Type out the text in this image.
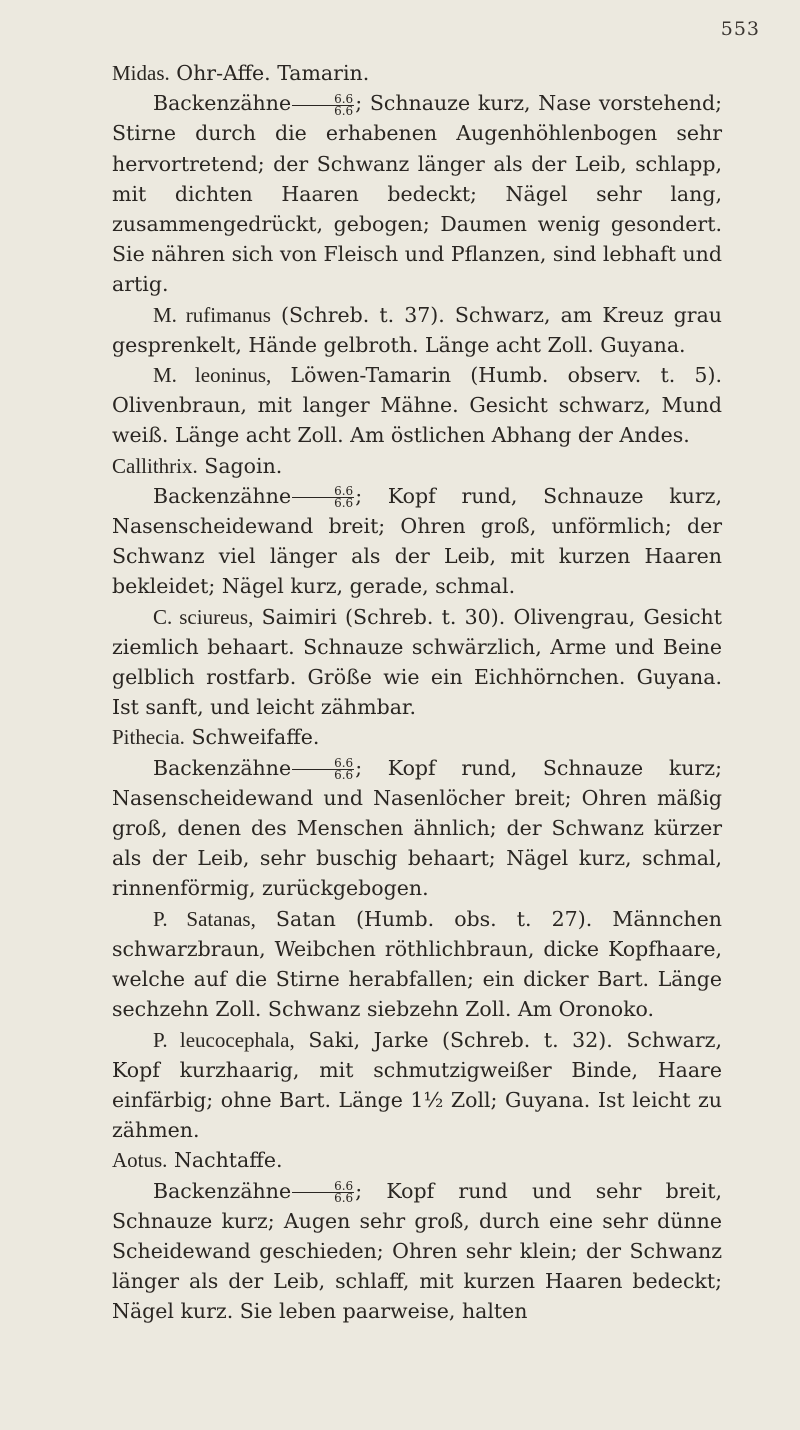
553

Midas. Ohr‑Affe. Tamarin.

Backenzähne $\frac{6.6}{6.6}$ ; Schnauze kurz, Nase vorstehend; Stirne durch die erhabenen Augenhöhlenbogen sehr hervortretend; der Schwanz länger als der Leib, schlapp, mit dichten Haaren bedeckt; Nägel sehr lang, zusammengedrückt, gebogen; Daumen wenig gesondert. Sie nähren sich von Fleisch und Pflanzen, sind lebhaft und artig.

M. rufimanus (Schreb. t. 37). Schwarz, am Kreuz grau gesprenkelt, Hände gelbroth. Länge acht Zoll. Guyana.

M. leoninus, Löwen-Tamarin (Humb. observ. t. 5). Olivenbraun, mit langer Mähne. Gesicht schwarz, Mund weiß. Länge acht Zoll. Am östlichen Abhang der Andes.

Callithrix. Sagoin.

Backenzähne $\frac{6.6}{6.6}$ ; Kopf rund, Schnauze kurz, Nasenscheidewand breit; Ohren groß, unförmlich; der Schwanz viel länger als der Leib, mit kurzen Haaren bekleidet; Nägel kurz, gerade, schmal.

C. sciureus, Saimiri (Schreb. t. 30). Olivengrau, Gesicht ziemlich behaart. Schnauze schwärzlich, Arme und Beine gelblich rostfarb. Größe wie ein Eichhörnchen. Guyana. Ist sanft, und leicht zähmbar.

Pithecia. Schweifaffe.

Backenzähne $\frac{6.6}{6.6}$ ; Kopf rund, Schnauze kurz; Nasenscheidewand und Nasenlöcher breit; Ohren mäßig groß, denen des Menschen ähnlich; der Schwanz kürzer als der Leib, sehr buschig behaart; Nägel kurz, schmal, rinnenförmig, zurückgebogen.

P. Satanas, Satan (Humb. obs. t. 27). Männchen schwarzbraun, Weibchen röthlichbraun, dicke Kopfhaare, welche auf die Stirne herabfallen; ein dicker Bart. Länge sechzehn Zoll. Schwanz siebzehn Zoll. Am Oronoko.

P. leucocephala, Saki, Jarke (Schreb. t. 32). Schwarz, Kopf kurzhaarig, mit schmutzigweißer Binde, Haare einfärbig; ohne Bart. Länge 1½ Zoll; Guyana. Ist leicht zu zähmen.

Aotus. Nachtaffe.

Backenzähne $\frac{6.6}{6.6}$ ; Kopf rund und sehr breit, Schnauze kurz; Augen sehr groß, durch eine sehr dünne Scheidewand geschieden; Ohren sehr klein; der Schwanz länger als der Leib, schlaff, mit kurzen Haaren bedeckt; Nägel kurz. Sie leben paarweise, halten
